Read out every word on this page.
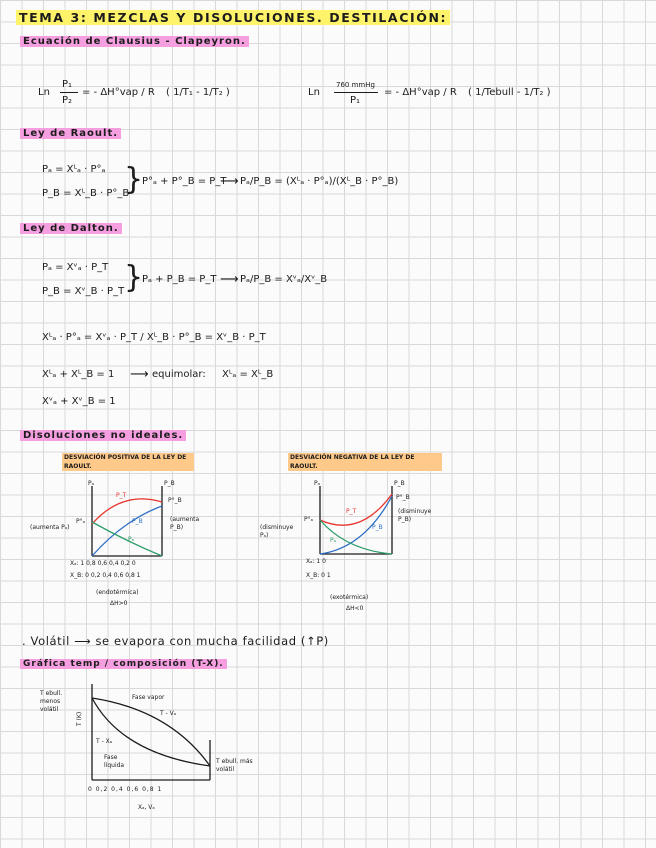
TEMA 3: MEZCLAS Y DISOLUCIONES. DESTILACIÓN:
Ecuación de Clausius - Clapeyron.
Ln
P₁
P₂
= - ΔH°vap / R ( 1/T₁ - 1/T₂ )	Ln
760 mmHg
P₁
= - ΔH°vap / R ( 1/Tebull - 1/T₂ )
Ley de Raoult.
Pₐ = Xᴸₐ · P°ₐ
P_B = Xᴸ_B · P°_B
}
P°ₐ + P°_B = P_T
⟶ Pₐ/P_B = (Xᴸₐ · P°ₐ)/(Xᴸ_B · P°_B)
Ley de Dalton.
Pₐ = Xᵛₐ · P_T
P_B = Xᵛ_B · P_T }
Pₐ + P_B = P_T ⟶ Pₐ/P_B = Xᵛₐ/Xᵛ_B
Xᴸₐ · P°ₐ = Xᵛₐ · P_T / Xᴸ_B · P°_B = Xᵛ_B · P_T
Xᴸₐ + Xᴸ_B = 1 ⟶ equimolar: Xᴸₐ = Xᴸ_B
Xᵛₐ + Xᵛ_B = 1
Disoluciones no ideales.
DESVIACIÓN POSITIVA DE LA LEY DE RAOULT.
Pₐ	P_B
P_T
P°_B
P_B
Pₐ
P°ₐ
(aumenta Pₐ)
(aumenta P_B)
Xₐ: 1 0,8 0,6 0,4 0,2 0
X_B: 0 0,2 0,4 0,6 0,8 1
(endotérmica)
ΔH>0
DESVIACIÓN NEGATIVA DE LA LEY DE RAOULT.
Pₐ	P_B
P°_B
P_T
P°ₐ
Pₐ
P_B
(disminuye Pₐ)
(disminuye P_B)
Xₐ: 1 0
X_B: 0 1
(exotérmica)
ΔH<0
. Volátil ⟶ se evapora con mucha facilidad (↑P)
Gráfica temp / composición (T-X).
T ebull. menos volátil
T (K)
Fase vapor
T - Vₐ
T - Xₐ
Fase líquida
T ebull. más volátil
0 0,2 0,4 0,6 0,8 1
Xₐ, Vₐ
